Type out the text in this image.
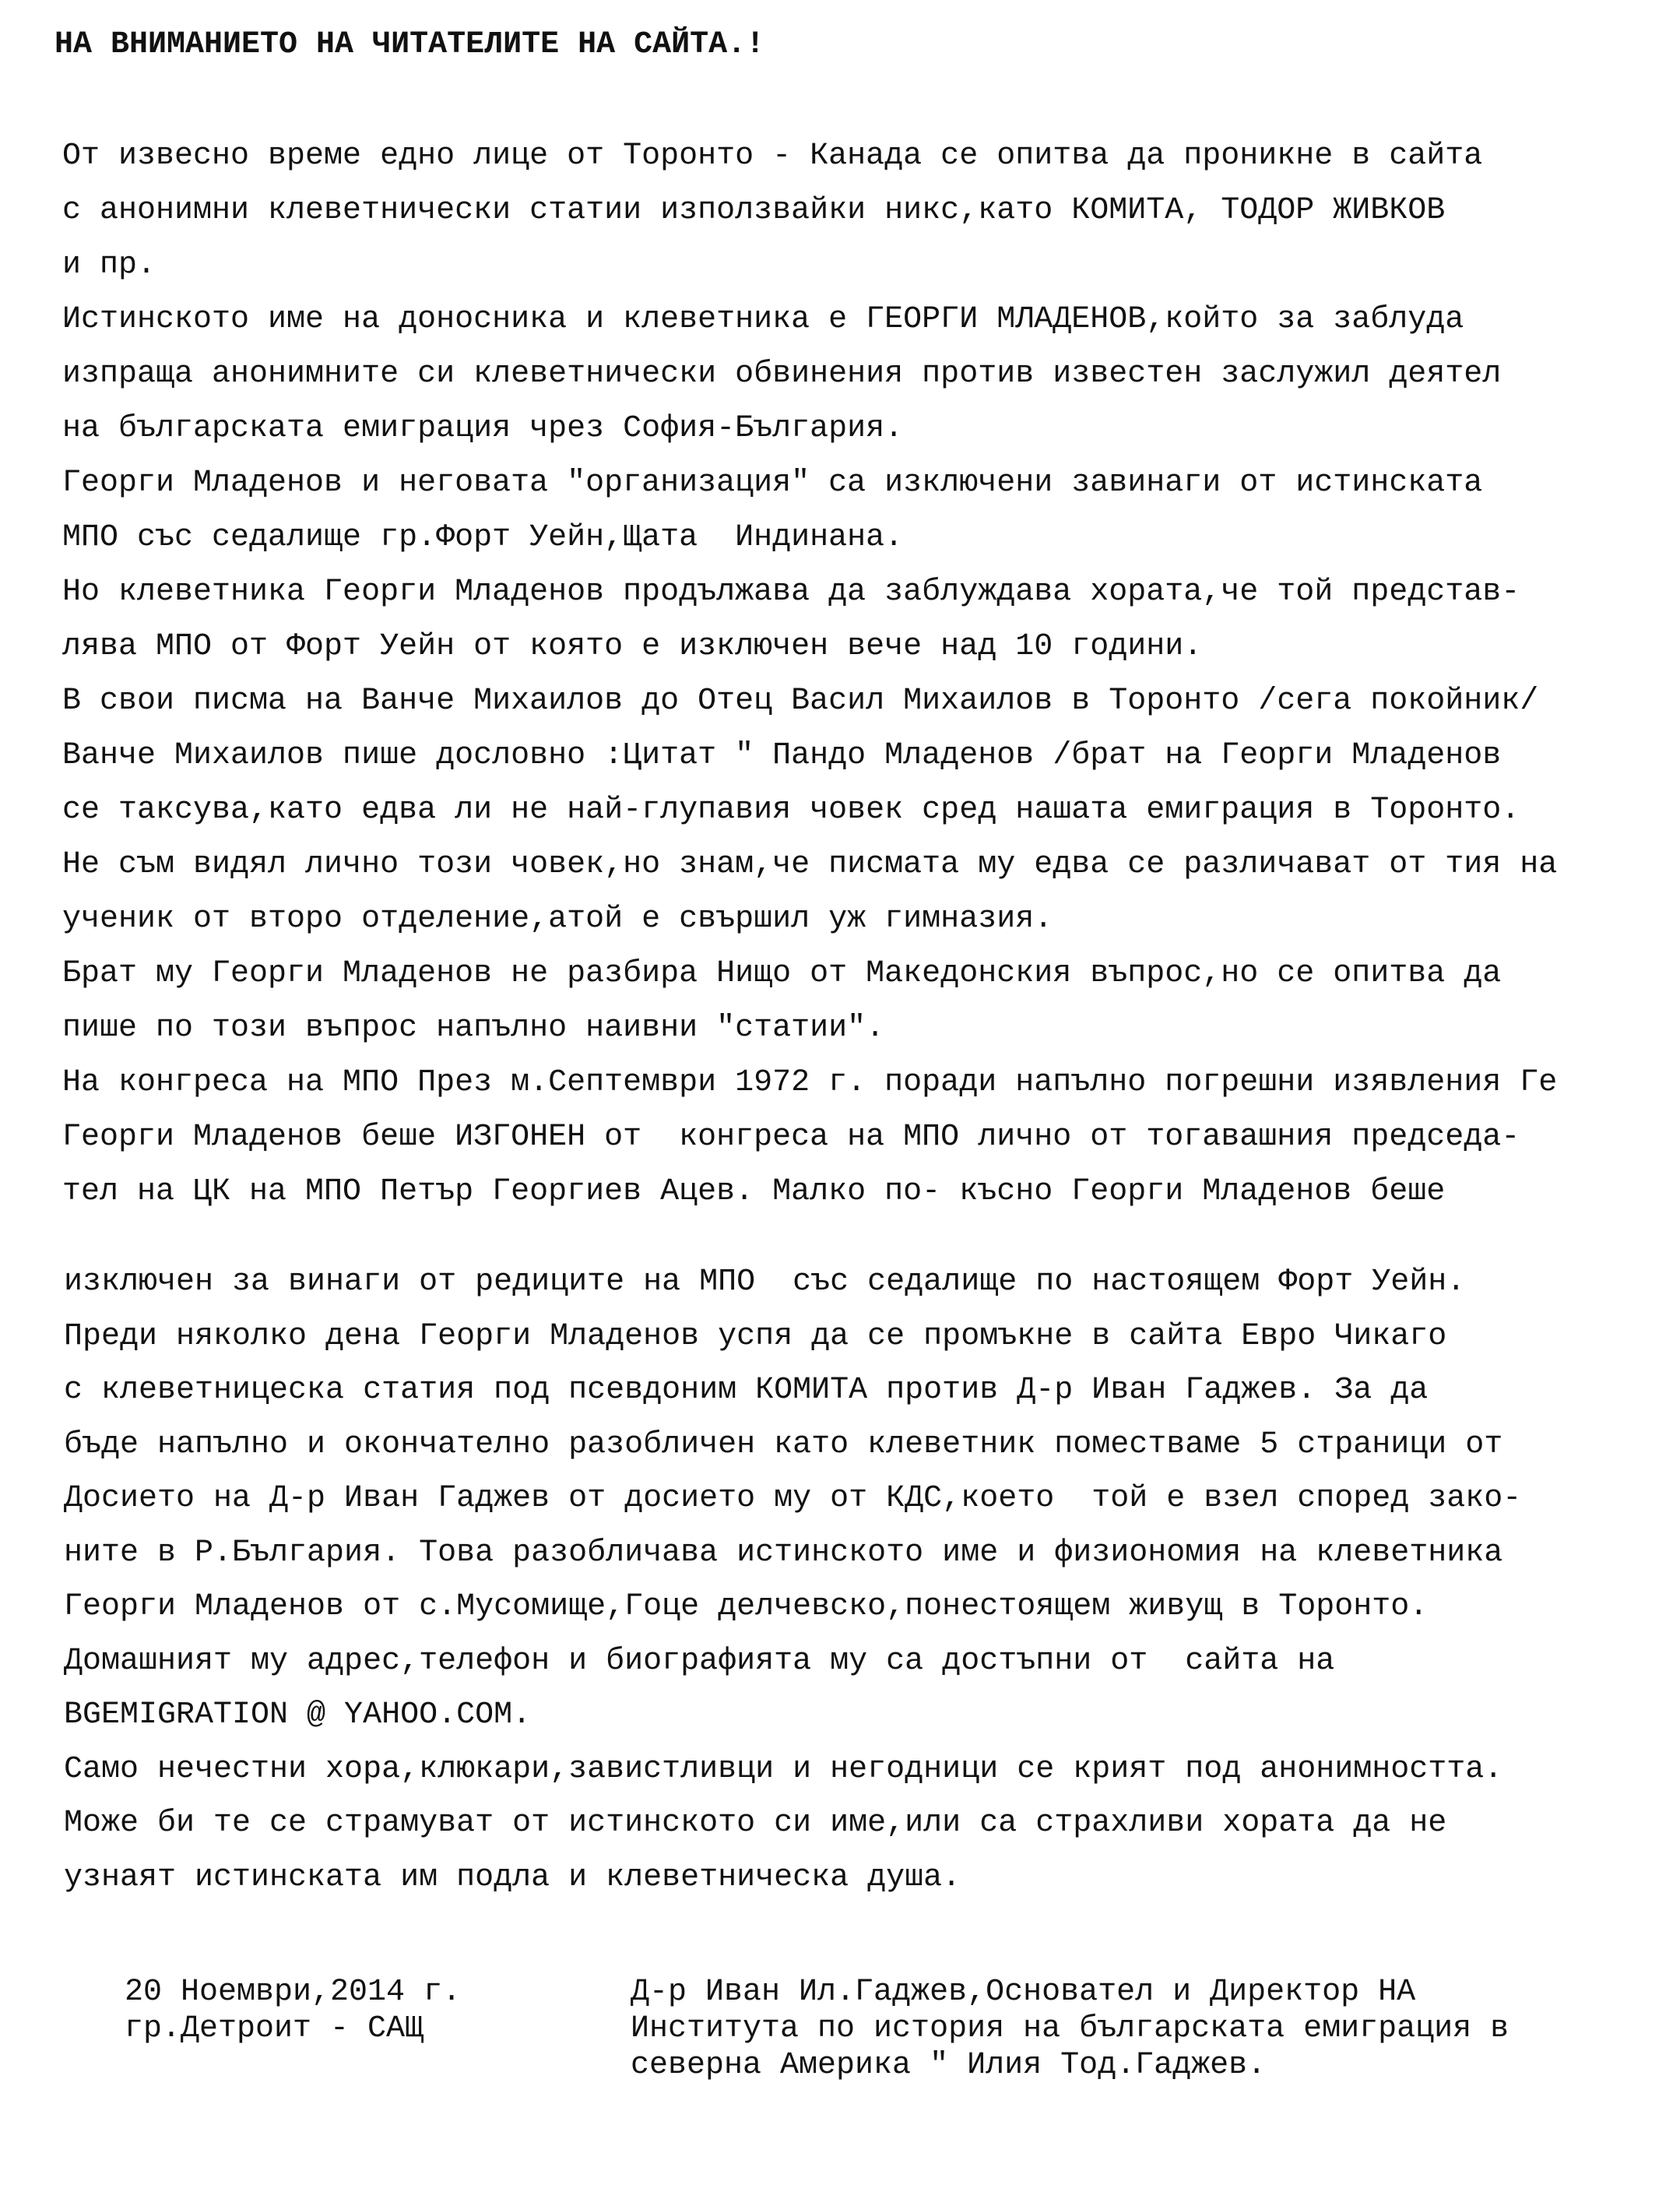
НА ВНИМАНИЕТО НА ЧИТАТЕЛИТЕ НА САЙТА.!
От извесно време едно лице от Торонто - Канада се опитва да проникне в сайта
с анонимни клеветнически статии използвайки никс,като КОМИТА, ТОДОР ЖИВКОВ
и пр.
Истинското име на доносника и клеветника е ГЕОРГИ МЛАДЕНОВ,който за заблуда
изпраща анонимните си клеветнически обвинения против извеcтен заслужил деятел
на българската емиграция чрез София-България.
Георги Младенов и неговата "организация" са изключени завинаги от истинската
МПО със седалище гр.Форт Уейн,Щата  Индинана.
Но клеветника Георги Младенов продължава да заблуждава хората,че той представ-
лява МПО от Форт Уейн от която е изключен вече над 10 години.
В свои писма на Ванче Михаилов до Отец Васил Михаилов в Торонто /сега покойник/
Ванче Михаилов пише дословно :Цитат " Пандо Младенов /брат на Георги Младенов
се таксува,като едва ли не най-глупавия човек сред нашата емиграция в Торонто.
Не съм видял лично този човек,но знам,че писмата му едва се различават от тия на
ученик от второ отделение,атой е свършил уж гимназия.
Брат му Георги Младенов не разбира Нищо от Македонския въпрос,но се опитва да
пише по този въпрос напълно наивни "статии".
На конгреса на МПО През м.Септември 1972 г. поради напълно погрешни изявления Ге
Георги Младенов беше ИЗГОНЕН от  конгреса на МПО лично от тогавашния председа-
тел на ЦК на МПО Петър Георгиев Ацев. Малко по- късно Георги Младенов беше
изключен за винаги от редиците на МПО  със седалище по настоящем Форт Уейн.
Преди няколко дена Георги Младенов успя да се промъкне в сайта Евро Чикаго
с клеветницеска статия под псевдоним КОМИТА против Д-р Иван Гаджев. За да
бъде напълно и окончателно разобличен като клеветник помествамe 5 страници от
Досието на Д-р Иван Гаджев от досието му от КДС,което  той е взел според зако-
ните в Р.България. Това разобличава истинското име и физиономия на клеветника
Георги Младенов от с.Мусомище,Гоце делчевско,понестоящем живущ в Торонто.
Домашният му адрес,телефон и биографията му са достъпни от  сайта на
BGEMIGRATION @ YAHOO.COM.
Само нечестни хора,клюкари,завистливци и негодници се крият под анонимността.
Може би те се страмуват от истинското си име,или са страхливи хората да не
узнаят истинската им подла и клеветническа душа.
20 Ноември,2014 г.
гр.Детроит - САЩ
Д-р Иван Ил.Гаджев,Основател и Директор НА
Института по история на българската емиграция в
северна Америка " Илия Тод.Гаджев.
